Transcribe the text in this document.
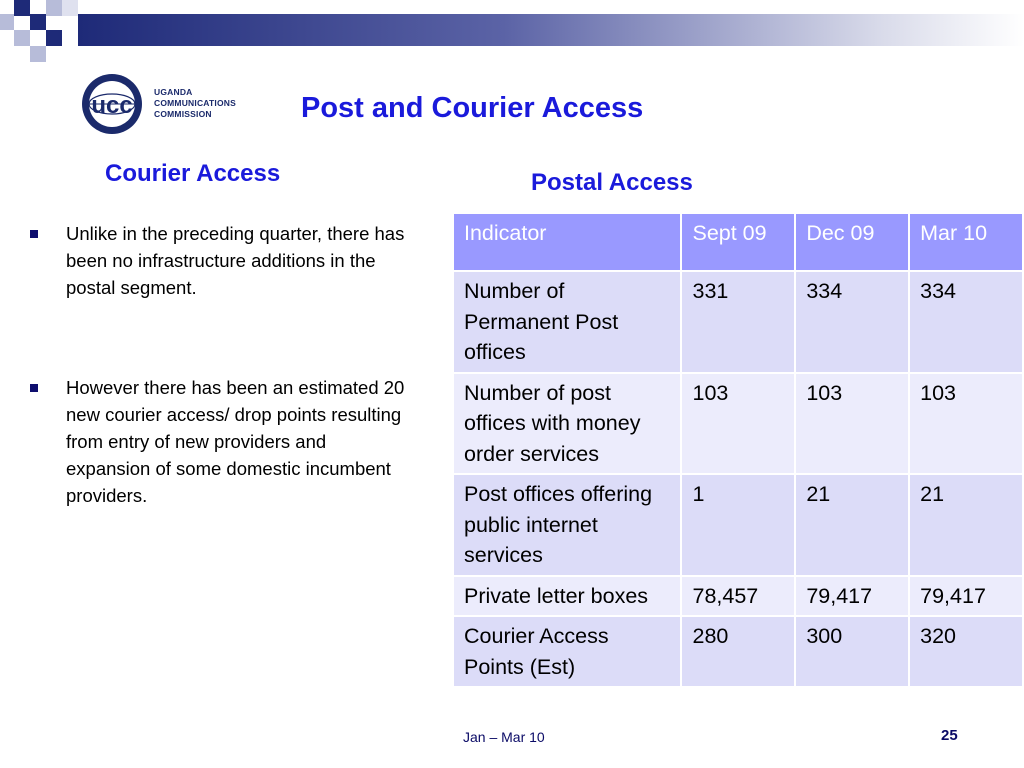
ucc	UGANDA
COMMUNICATIONS
COMMISSION	Post and Courier Access
Courier Access	Postal Access
Unlike in the preceding quarter, there has been no infrastructure additions in the postal segment.
However there has been an estimated 20 new courier access/ drop points resulting from entry of new providers and expansion of some domestic incumbent providers.
Indicator	Sept 09	Dec 09	Mar 10
Number of Permanent Post offices	331	334	334
Number of post offices with money order services	103	103	103
Post offices offering public internet services	1	21	21
Private letter boxes	78,457	79,417	79,417
Courier Access Points (Est)	280	300	320
Jan – Mar 10	25
